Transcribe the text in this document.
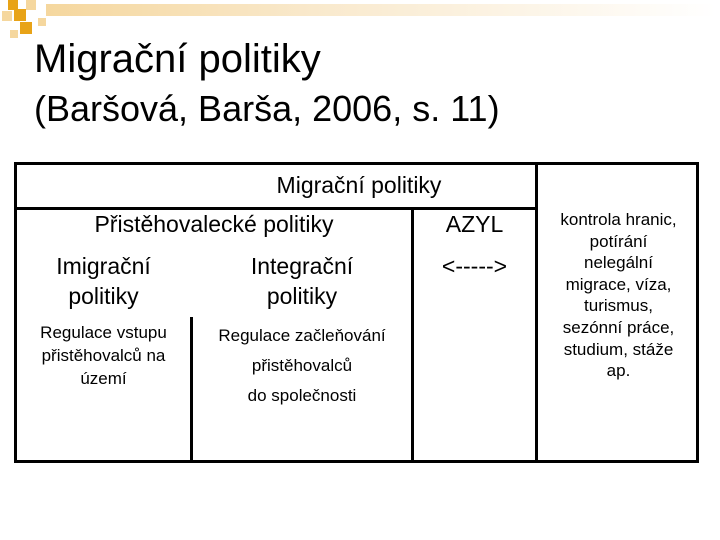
Migrační politiky
(Baršová, Barša, 2006, s. 11)
Migrační politiky
Přistěhovalecké politiky	AZYL
<----->
Imigrační
politiky
Integrační
politiky
Regulace vstupu
přistěhovalců na
území
Regulace začleňování
přistěhovalců
do společnosti
kontrola hranic,
potírání
nelegální
migrace, víza,
turismus,
sezónní práce,
studium, stáže
ap.
